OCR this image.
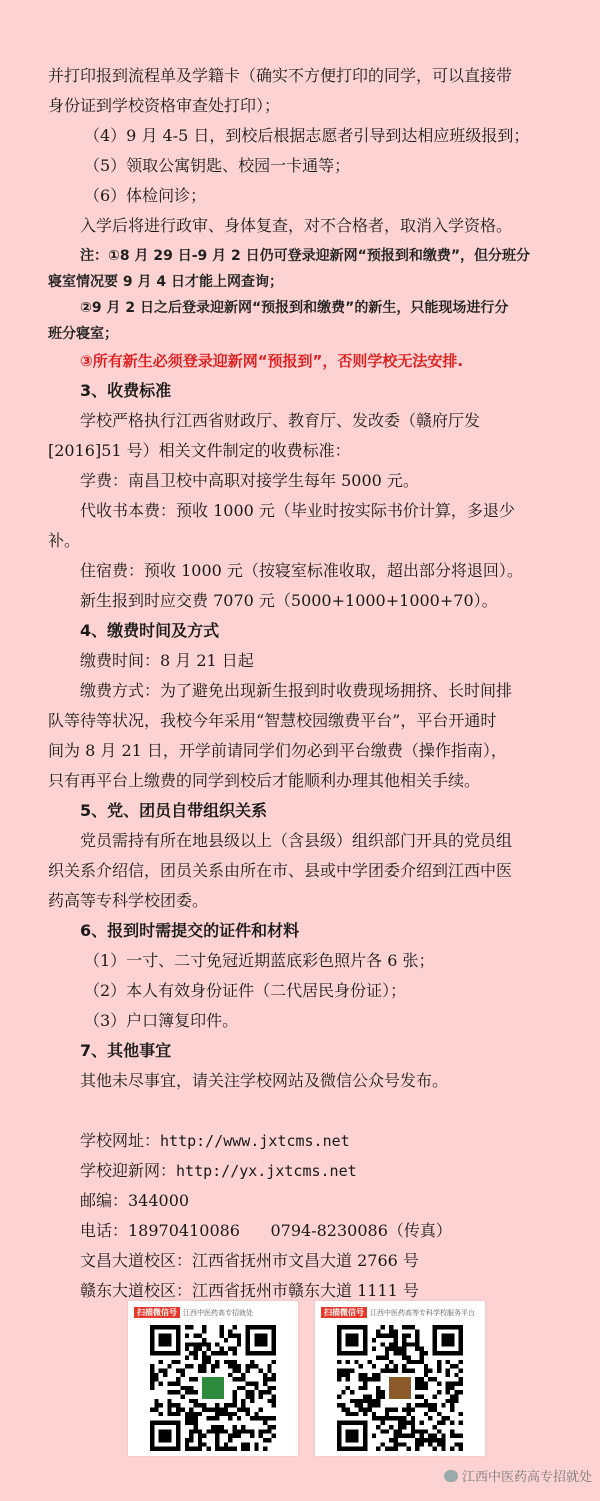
并打印报到流程单及学籍卡（确实不方便打印的同学，可以直接带
身份证到学校资格审查处打印）；
（4）9 月 4-5 日，到校后根据志愿者引导到达相应班级报到；
（5）领取公寓钥匙、校园一卡通等；
（6）体检问诊；
入学后将进行政审、身体复查，对不合格者，取消入学资格。
注：①8 月 29 日-9 月 2 日仍可登录迎新网“预报到和缴费”，但分班分
寝室情况要 9 月 4 日才能上网查询；
②9 月 2 日之后登录迎新网“预报到和缴费”的新生，只能现场进行分
班分寝室；
③所有新生必须登录迎新网“预报到”，否则学校无法安排.
3、收费标准
学校严格执行江西省财政厅、教育厅、发改委（赣府厅发
[2016]51 号）相关文件制定的收费标准：
学费：南昌卫校中高职对接学生每年 5000 元。
代收书本费：预收 1000 元（毕业时按实际书价计算，多退少
补。
住宿费：预收 1000 元（按寝室标准收取，超出部分将退回）。
新生报到时应交费 7070 元（5000+1000+1000+70）。
4、缴费时间及方式
缴费时间：8 月 21 日起
缴费方式：为了避免出现新生报到时收费现场拥挤、长时间排
队等待等状况，我校今年采用“智慧校园缴费平台”，平台开通时
间为 8 月 21 日，开学前请同学们勿必到平台缴费（操作指南），
只有再平台上缴费的同学到校后才能顺利办理其他相关手续。
5、党、团员自带组织关系
党员需持有所在地县级以上（含县级）组织部门开具的党员组
织关系介绍信，团员关系由所在市、县或中学团委介绍到江西中医
药高等专科学校团委。
6、报到时需提交的证件和材料
（1）一寸、二寸免冠近期蓝底彩色照片各 6 张；
（2）本人有效身份证件（二代居民身份证）；
（3）户口簿复印件。
7、其他事宜
其他未尽事宜，请关注学校网站及微信公众号发布。
学校网址：http://www.jxtcms.net
学校迎新网：http://yx.jxtcms.net
邮编：344000
电话：18970410086      0794-8230086（传真）
文昌大道校区：江西省抚州市文昌大道 2766 号
赣东大道校区：江西省抚州市赣东大道 1111 号
扫描微信号 江西中医药高专招就处	扫描微信号 江西中医药高等专科学校服务平台
江西中医药高专招就处
